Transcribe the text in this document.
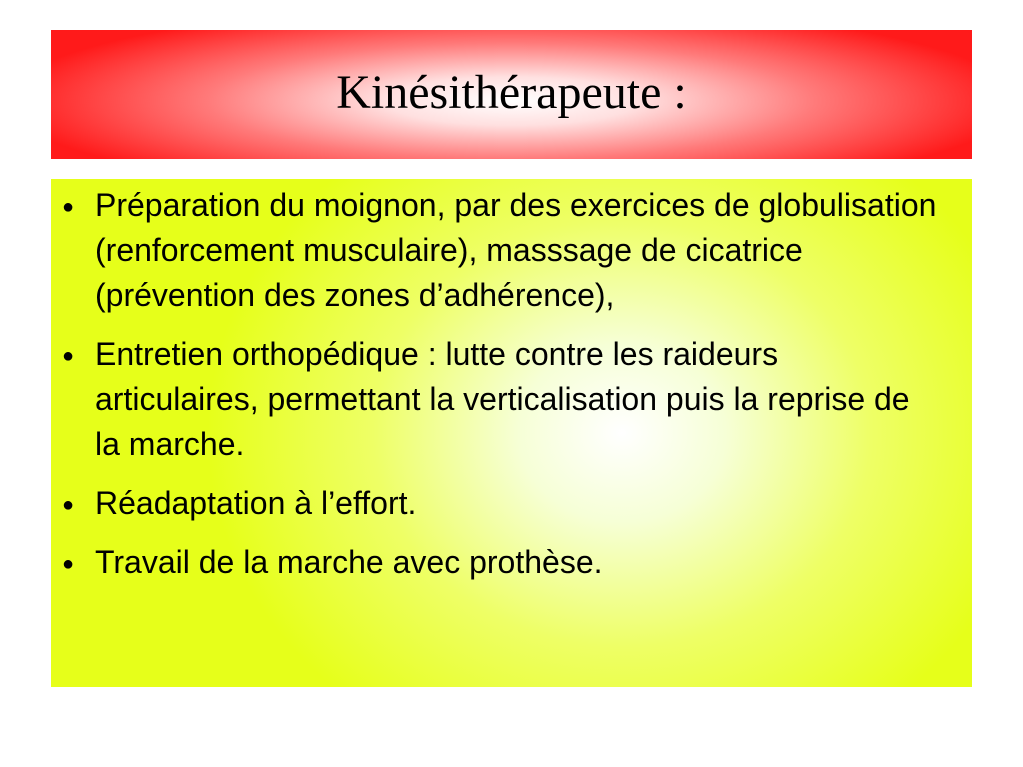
Kinésithérapeute :
● Préparation du moignon, par des exercices de globulisation (renforcement musculaire), masssage de cicatrice (prévention des zones d’adhérence),
● Entretien orthopédique : lutte contre les raideurs articulaires, permettant la verticalisation puis la reprise de la marche.
● Réadaptation à l’effort.
● Travail de la marche avec prothèse.
